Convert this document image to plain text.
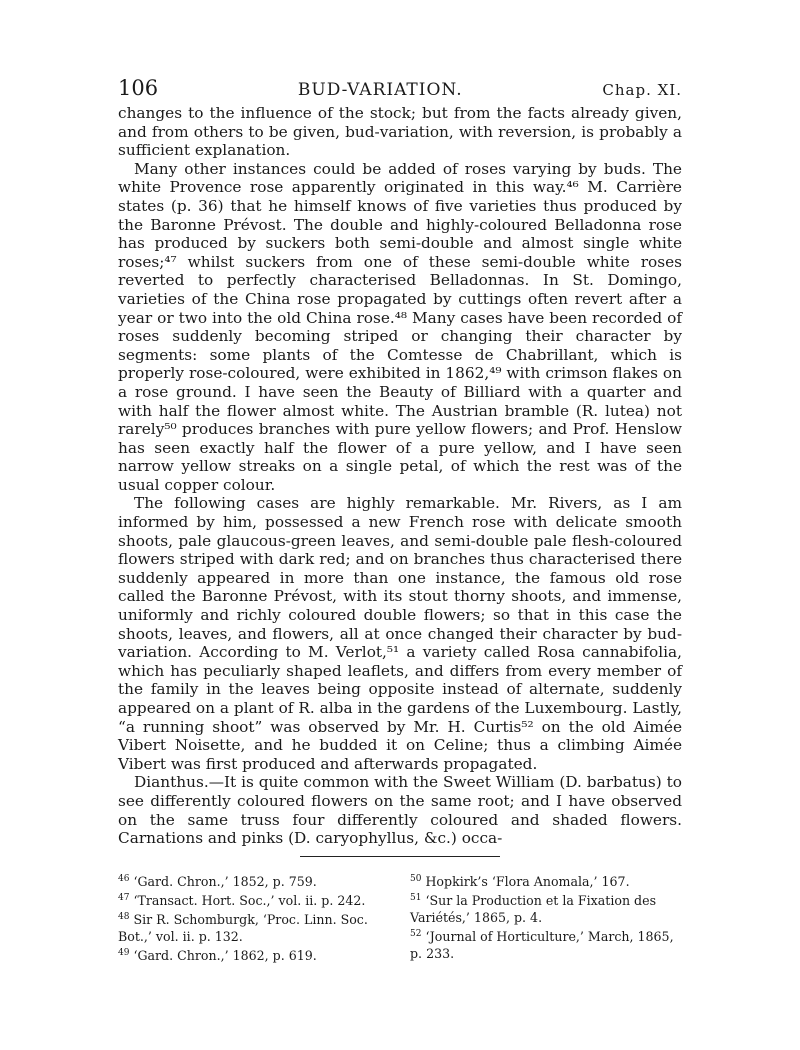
106	BUD-VARIATION.	Chap. XI.

changes to the influence of the stock; but from the facts already given, and from others to be given, bud-variation, with reversion, is probably a sufficient explanation.

Many other instances could be added of roses varying by buds. The white Provence rose apparently originated in this way.⁴⁶ M. Carrière states (p. 36) that he himself knows of five varieties thus produced by the Baronne Prévost. The double and highly-coloured Belladonna rose has produced by suckers both semi-double and almost single white roses;⁴⁷ whilst suckers from one of these semi-double white roses reverted to perfectly characterised Belladonnas. In St. Domingo, varieties of the China rose propagated by cuttings often revert after a year or two into the old China rose.⁴⁸ Many cases have been recorded of roses suddenly becoming striped or changing their character by segments: some plants of the Comtesse de Chabrillant, which is properly rose-coloured, were exhibited in 1862,⁴⁹ with crimson flakes on a rose ground. I have seen the Beauty of Billiard with a quarter and with half the flower almost white. The Austrian bramble (R. lutea) not rarely⁵⁰ produces branches with pure yellow flowers; and Prof. Henslow has seen exactly half the flower of a pure yellow, and I have seen narrow yellow streaks on a single petal, of which the rest was of the usual copper colour.

The following cases are highly remarkable. Mr. Rivers, as I am informed by him, possessed a new French rose with delicate smooth shoots, pale glaucous-green leaves, and semi-double pale flesh-coloured flowers striped with dark red; and on branches thus characterised there suddenly appeared in more than one instance, the famous old rose called the Baronne Prévost, with its stout thorny shoots, and immense, uniformly and richly coloured double flowers; so that in this case the shoots, leaves, and flowers, all at once changed their character by bud-variation. According to M. Verlot,⁵¹ a variety called Rosa cannabifolia, which has peculiarly shaped leaflets, and differs from every member of the family in the leaves being opposite instead of alternate, suddenly appeared on a plant of R. alba in the gardens of the Luxembourg. Lastly, “a running shoot” was observed by Mr. H. Curtis⁵² on the old Aimée Vibert Noisette, and he budded it on Celine; thus a climbing Aimée Vibert was first produced and afterwards propagated.

Dianthus.—It is quite common with the Sweet William (D. barbatus) to see differently coloured flowers on the same root; and I have observed on the same truss four differently coloured and shaded flowers. Carnations and pinks (D. caryophyllus, &c.) occa-

$^{46}$ ‘Gard. Chron.,’ 1852, p. 759.

$^{47}$ ‘Transact. Hort. Soc.,’ vol. ii. p. 242.

$^{48}$ Sir R. Schomburgk, ‘Proc. Linn. Soc. Bot.,’ vol. ii. p. 132.

$^{49}$ ‘Gard. Chron.,’ 1862, p. 619.

$^{50}$ Hopkirk’s ‘Flora Anomala,’ 167.

$^{51}$ ‘Sur la Production et la Fixation des Variétés,’ 1865, p. 4.

$^{52}$ ‘Journal of Horticulture,’ March, 1865, p. 233.
